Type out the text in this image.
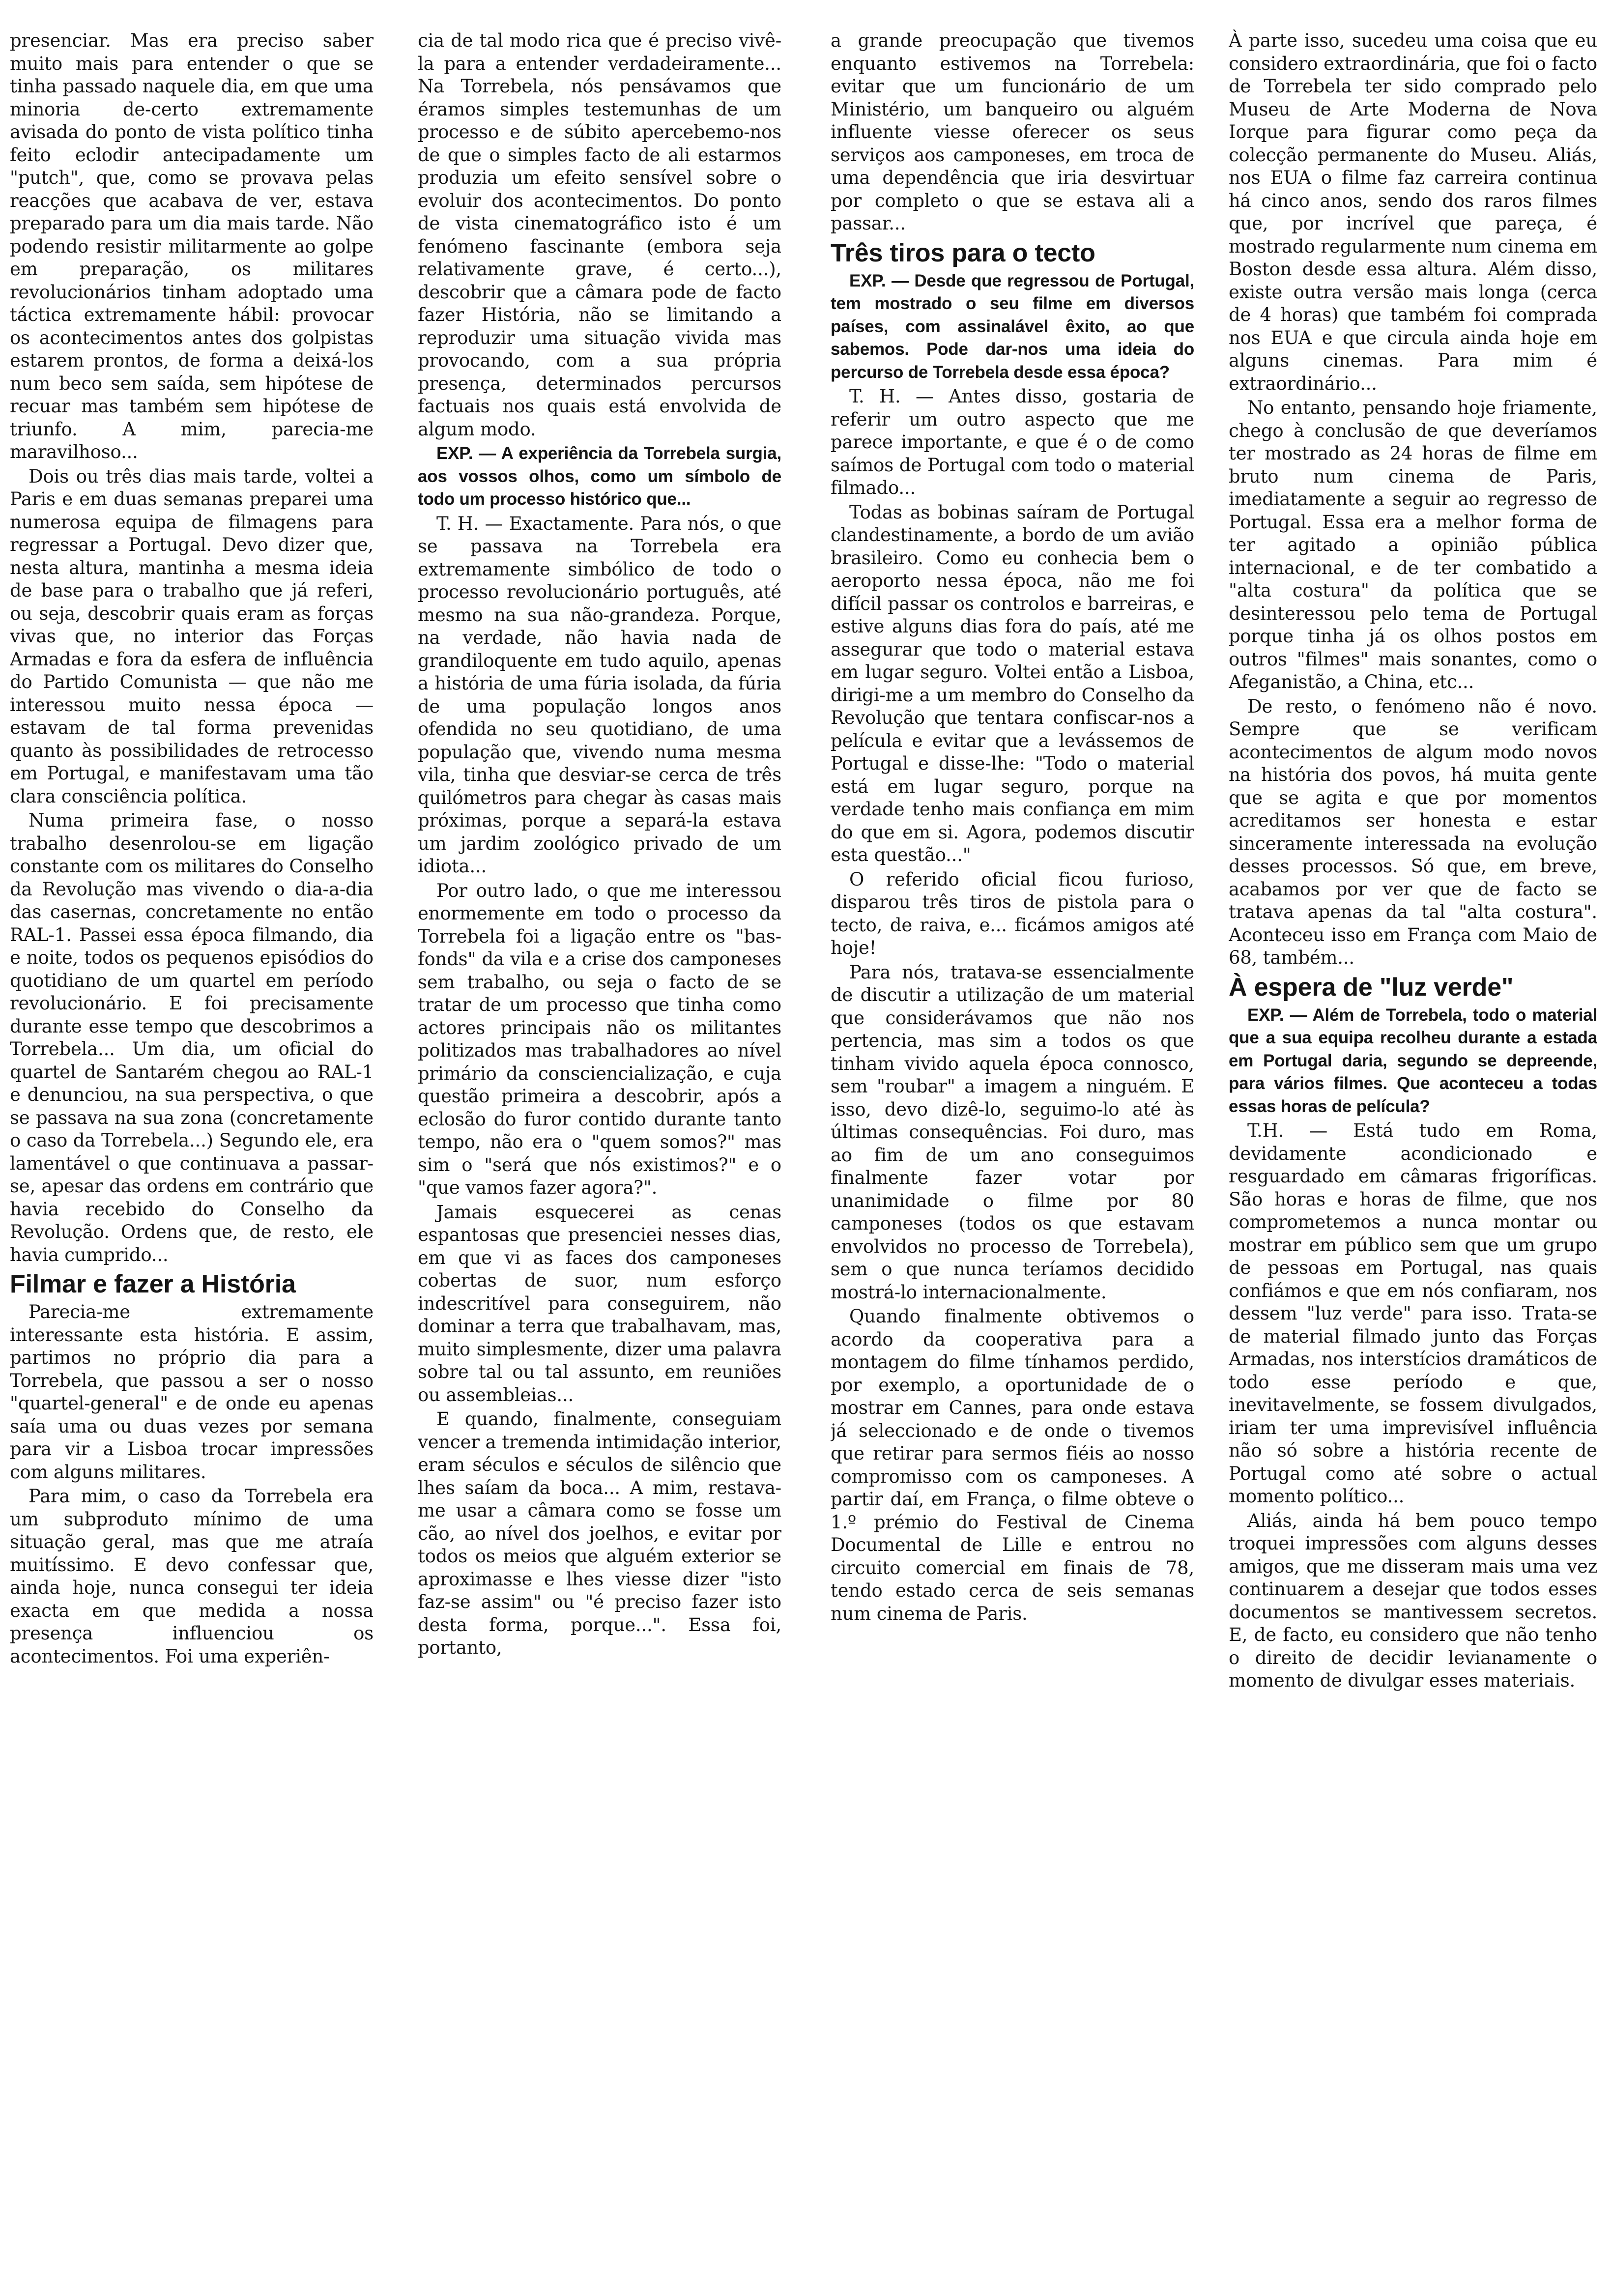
presenciar. Mas era preciso saber muito mais para entender o que se tinha passado naquele dia, em que uma minoria de-certo extremamente avisada do ponto de vista político tinha feito eclodir antecipadamente um "putch", que, como se provava pelas reacções que acabava de ver, estava preparado para um dia mais tarde. Não podendo resistir militarmente ao golpe em preparação, os militares revolucionários tinham adoptado uma táctica extremamente hábil: provocar os acontecimentos antes dos golpistas estarem prontos, de forma a deixá-los num beco sem saída, sem hipótese de recuar mas também sem hipótese de triunfo. A mim, parecia-me maravilhoso...

Dois ou três dias mais tarde, voltei a Paris e em duas semanas preparei uma numerosa equipa de filmagens para regressar a Portugal. Devo dizer que, nesta altura, mantinha a mesma ideia de base para o trabalho que já referi, ou seja, descobrir quais eram as forças vivas que, no interior das Forças Armadas e fora da esfera de influência do Partido Comunista — que não me interessou muito nessa época — estavam de tal forma prevenidas quanto às possibilidades de retrocesso em Portugal, e manifestavam uma tão clara consciência política.

Numa primeira fase, o nosso trabalho desenrolou-se em ligação constante com os militares do Conselho da Revolução mas vivendo o dia-a-dia das casernas, concretamente no então RAL-1. Passei essa época filmando, dia e noite, todos os pequenos episódios do quotidiano de um quartel em período revolucionário. E foi precisamente durante esse tempo que descobrimos a Torrebela... Um dia, um oficial do quartel de Santarém chegou ao RAL-1 e denunciou, na sua perspectiva, o que se passava na sua zona (concretamente o caso da Torrebela...) Segundo ele, era lamentável o que continuava a passar-se, apesar das ordens em contrário que havia recebido do Conselho da Revolução. Ordens que, de resto, ele havia cumprido...

Filmar e fazer a História

Parecia-me extremamente interessante esta história. E assim, partimos no próprio dia para a Torrebela, que passou a ser o nosso "quartel-general" e de onde eu apenas saía uma ou duas vezes por semana para vir a Lisboa trocar impressões com alguns militares.

Para mim, o caso da Torrebela era um subproduto mínimo de uma situação geral, mas que me atraía muitíssimo. E devo confessar que, ainda hoje, nunca consegui ter ideia exacta em que medida a nossa presença influenciou os acontecimentos. Foi uma experiên-

cia de tal modo rica que é preciso vivê-la para a entender verdadeiramente... Na Torrebela, nós pensávamos que éramos simples testemunhas de um processo e de súbito apercebemo-nos de que o simples facto de ali estarmos produzia um efeito sensível sobre o evoluir dos acontecimentos. Do ponto de vista cinematográfico isto é um fenómeno fascinante (embora seja relativamente grave, é certo...), descobrir que a câmara pode de facto fazer História, não se limitando a reproduzir uma situação vivida mas provocando, com a sua própria presença, determinados percursos factuais nos quais está envolvida de algum modo.

EXP. — A experiência da Torrebela surgia, aos vossos olhos, como um símbolo de todo um processo histórico que...

T. H. — Exactamente. Para nós, o que se passava na Torrebela era extremamente simbólico de todo o processo revolucionário português, até mesmo na sua não-grandeza. Porque, na verdade, não havia nada de grandiloquente em tudo aquilo, apenas a história de uma fúria isolada, da fúria de uma população longos anos ofendida no seu quotidiano, de uma população que, vivendo numa mesma vila, tinha que desviar-se cerca de três quilómetros para chegar às casas mais próximas, porque a separá-la estava um jardim zoológico privado de um idiota...

Por outro lado, o que me interessou enormemente em todo o processo da Torrebela foi a ligação entre os "bas-fonds" da vila e a crise dos camponeses sem trabalho, ou seja o facto de se tratar de um processo que tinha como actores principais não os militantes politizados mas trabalhadores ao nível primário da consciencialização, e cuja questão primeira a descobrir, após a eclosão do furor contido durante tanto tempo, não era o "quem somos?" mas sim o "será que nós existimos?" e o "que vamos fazer agora?".

Jamais esquecerei as cenas espantosas que presenciei nesses dias, em que vi as faces dos camponeses cobertas de suor, num esforço indescritível para conseguirem, não dominar a terra que trabalhavam, mas, muito simplesmente, dizer uma palavra sobre tal ou tal assunto, em reuniões ou assembleias...

E quando, finalmente, conseguiam vencer a tremenda intimidação interior, eram séculos e séculos de silêncio que lhes saíam da boca... A mim, restava-me usar a câmara como se fosse um cão, ao nível dos joelhos, e evitar por todos os meios que alguém exterior se aproximasse e lhes viesse dizer "isto faz-se assim" ou "é preciso fazer isto desta forma, porque...". Essa foi, portanto,

a grande preocupação que tivemos enquanto estivemos na Torrebela: evitar que um funcionário de um Ministério, um banqueiro ou alguém influente viesse oferecer os seus serviços aos camponeses, em troca de uma dependência que iria desvirtuar por completo o que se estava ali a passar...

Três tiros para o tecto

EXP. — Desde que regressou de Portugal, tem mostrado o seu filme em diversos países, com assinalável êxito, ao que sabemos. Pode dar-nos uma ideia do percurso de Torrebela desde essa época?

T. H. — Antes disso, gostaria de referir um outro aspecto que me parece importante, e que é o de como saímos de Portugal com todo o material filmado...

Todas as bobinas saíram de Portugal clandestinamente, a bordo de um avião brasileiro. Como eu conhecia bem o aeroporto nessa época, não me foi difícil passar os controlos e barreiras, e estive alguns dias fora do país, até me assegurar que todo o material estava em lugar seguro. Voltei então a Lisboa, dirigi-me a um membro do Conselho da Revolução que tentara confiscar-nos a película e evitar que a levássemos de Portugal e disse-lhe: "Todo o material está em lugar seguro, porque na verdade tenho mais confiança em mim do que em si. Agora, podemos discutir esta questão..."

O referido oficial ficou furioso, disparou três tiros de pistola para o tecto, de raiva, e... ficámos amigos até hoje!

Para nós, tratava-se essencialmente de discutir a utilização de um material que considerávamos que não nos pertencia, mas sim a todos os que tinham vivido aquela época connosco, sem "roubar" a imagem a ninguém. E isso, devo dizê-lo, seguimo-lo até às últimas consequências. Foi duro, mas ao fim de um ano conseguimos finalmente fazer votar por unanimidade o filme por 80 camponeses (todos os que estavam envolvidos no processo de Torrebela), sem o que nunca teríamos decidido mostrá-lo internacionalmente.

Quando finalmente obtivemos o acordo da cooperativa para a montagem do filme tínhamos perdido, por exemplo, a oportunidade de o mostrar em Cannes, para onde estava já seleccionado e de onde o tivemos que retirar para sermos fiéis ao nosso compromisso com os camponeses. A partir daí, em França, o filme obteve o 1.º prémio do Festival de Cinema Documental de Lille e entrou no circuito comercial em finais de 78, tendo estado cerca de seis semanas num cinema de Paris.

À parte isso, sucedeu uma coisa que eu considero extraordinária, que foi o facto de Torrebela ter sido comprado pelo Museu de Arte Moderna de Nova Iorque para figurar como peça da colecção permanente do Museu. Aliás, nos EUA o filme faz carreira continua há cinco anos, sendo dos raros filmes que, por incrível que pareça, é mostrado regularmente num cinema em Boston desde essa altura. Além disso, existe outra versão mais longa (cerca de 4 horas) que também foi comprada nos EUA e que circula ainda hoje em alguns cinemas. Para mim é extraordinário...

No entanto, pensando hoje friamente, chego à conclusão de que deveríamos ter mostrado as 24 horas de filme em bruto num cinema de Paris, imediatamente a seguir ao regresso de Portugal. Essa era a melhor forma de ter agitado a opinião pública internacional, e de ter combatido a "alta costura" da política que se desinteressou pelo tema de Portugal porque tinha já os olhos postos em outros "filmes" mais sonantes, como o Afeganistão, a China, etc...

De resto, o fenómeno não é novo. Sempre que se verificam acontecimentos de algum modo novos na história dos povos, há muita gente que se agita e que por momentos acreditamos ser honesta e estar sinceramente interessada na evolução desses processos. Só que, em breve, acabamos por ver que de facto se tratava apenas da tal "alta costura". Aconteceu isso em França com Maio de 68, também...

À espera de "luz verde"

EXP. — Além de Torrebela, todo o material que a sua equipa recolheu durante a estada em Portugal daria, segundo se depreende, para vários filmes. Que aconteceu a todas essas horas de película?

T.H. — Está tudo em Roma, devidamente acondicionado e resguardado em câmaras frigoríficas. São horas e horas de filme, que nos comprometemos a nunca montar ou mostrar em público sem que um grupo de pessoas em Portugal, nas quais confiámos e que em nós confiaram, nos dessem "luz verde" para isso. Trata-se de material filmado junto das Forças Armadas, nos interstícios dramáticos de todo esse período e que, inevitavelmente, se fossem divulgados, iriam ter uma imprevisível influência não só sobre a história recente de Portugal como até sobre o actual momento político...

Aliás, ainda há bem pouco tempo troquei impressões com alguns desses amigos, que me disseram mais uma vez continuarem a desejar que todos esses documentos se mantivessem secretos. E, de facto, eu considero que não tenho o direito de decidir levianamente o momento de divulgar esses materiais.
